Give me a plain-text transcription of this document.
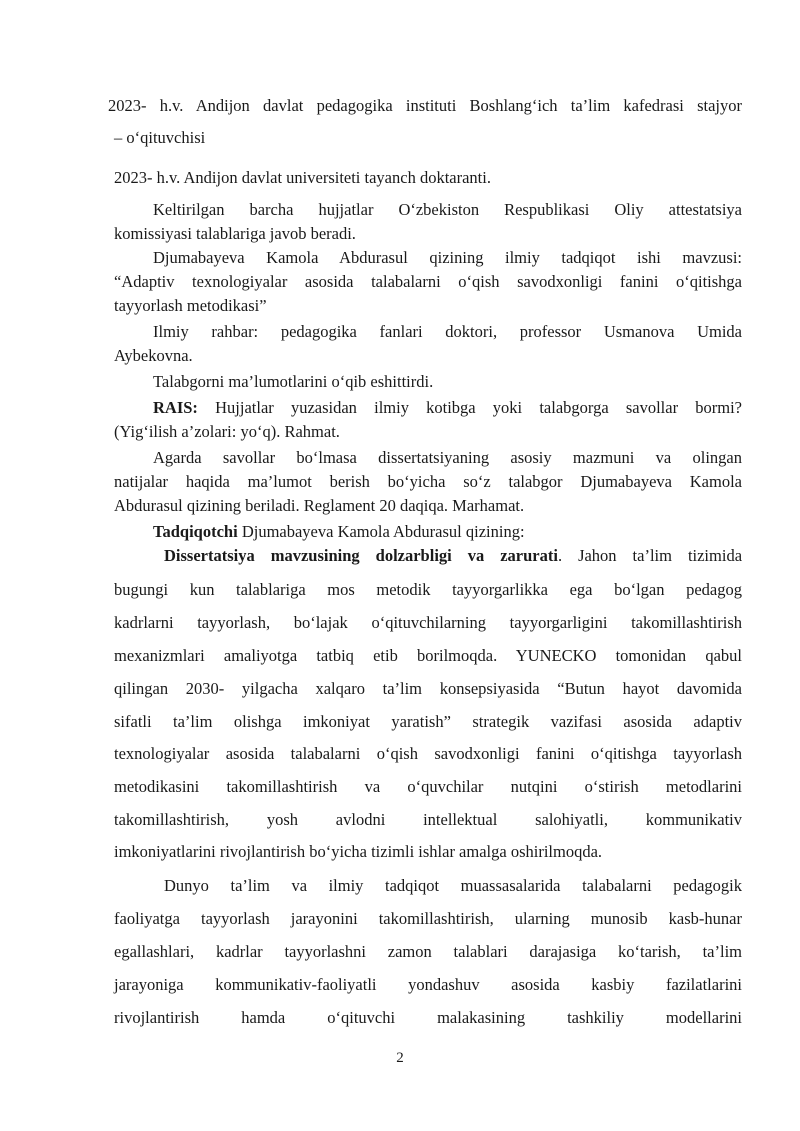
2023- h.v. Andijon davlat pedagogika instituti Boshlang‘ich ta’lim kafedrasi stajyor
– o‘qituvchisi
2023- h.v. Andijon davlat universiteti tayanch doktaranti.
Keltirilgan barcha hujjatlar O‘zbekiston Respublikasi Oliy attestatsiya
komissiyasi talablariga javob beradi.
Djumabayeva Kamola Abdurasul qizining ilmiy tadqiqot ishi mavzusi:
“Adaptiv texnologiyalar asosida talabalarni o‘qish savodxonligi fanini o‘qitishga
tayyorlash metodikasi”
Ilmiy rahbar: pedagogika fanlari doktori, professor Usmanova Umida
Aybekovna.
Talabgorni ma’lumotlarini o‘qib eshittirdi.
RAIS: Hujjatlar yuzasidan ilmiy kotibga yoki talabgorga savollar bormi?
(Yig‘ilish a’zolari: yo‘q). Rahmat.
Agarda savollar bo‘lmasa dissertatsiyaning asosiy mazmuni va olingan
natijalar haqida ma’lumot berish bo‘yicha so‘z talabgor Djumabayeva Kamola
Abdurasul qizining beriladi. Reglament 20 daqiqa. Marhamat.
Tadqiqotchi Djumabayeva Kamola Abdurasul qizining:
Dissertatsiya mavzusining dolzarbligi va zarurati. Jahon ta’lim tizimida
bugungi kun talablariga mos metodik tayyorgarlikka ega bo‘lgan pedagog
kadrlarni tayyorlash, bo‘lajak o‘qituvchilarning tayyorgarligini takomillashtirish
mexanizmlari amaliyotga tatbiq etib borilmoqda. YUNECKO tomonidan qabul
qilingan 2030- yilgacha xalqaro ta’lim konsepsiyasida “Butun hayot davomida
sifatli ta’lim olishga imkoniyat yaratish” strategik vazifasi asosida adaptiv
texnologiyalar asosida talabalarni o‘qish savodxonligi fanini o‘qitishga tayyorlash
metodikasini takomillashtirish va o‘quvchilar nutqini o‘stirish metodlarini
takomillashtirish, yosh avlodni intellektual salohiyatli, kommunikativ
imkoniyatlarini rivojlantirish bo‘yicha tizimli ishlar amalga oshirilmoqda.
Dunyo ta’lim va ilmiy tadqiqot muassasalarida talabalarni pedagogik
faoliyatga tayyorlash jarayonini takomillashtirish, ularning munosib kasb-hunar
egallashlari, kadrlar tayyorlashni zamon talablari darajasiga ko‘tarish, ta’lim
jarayoniga kommunikativ-faoliyatli yondashuv asosida kasbiy fazilatlarini
rivojlantirish hamda o‘qituvchi malakasining tashkiliy modellarini
2
